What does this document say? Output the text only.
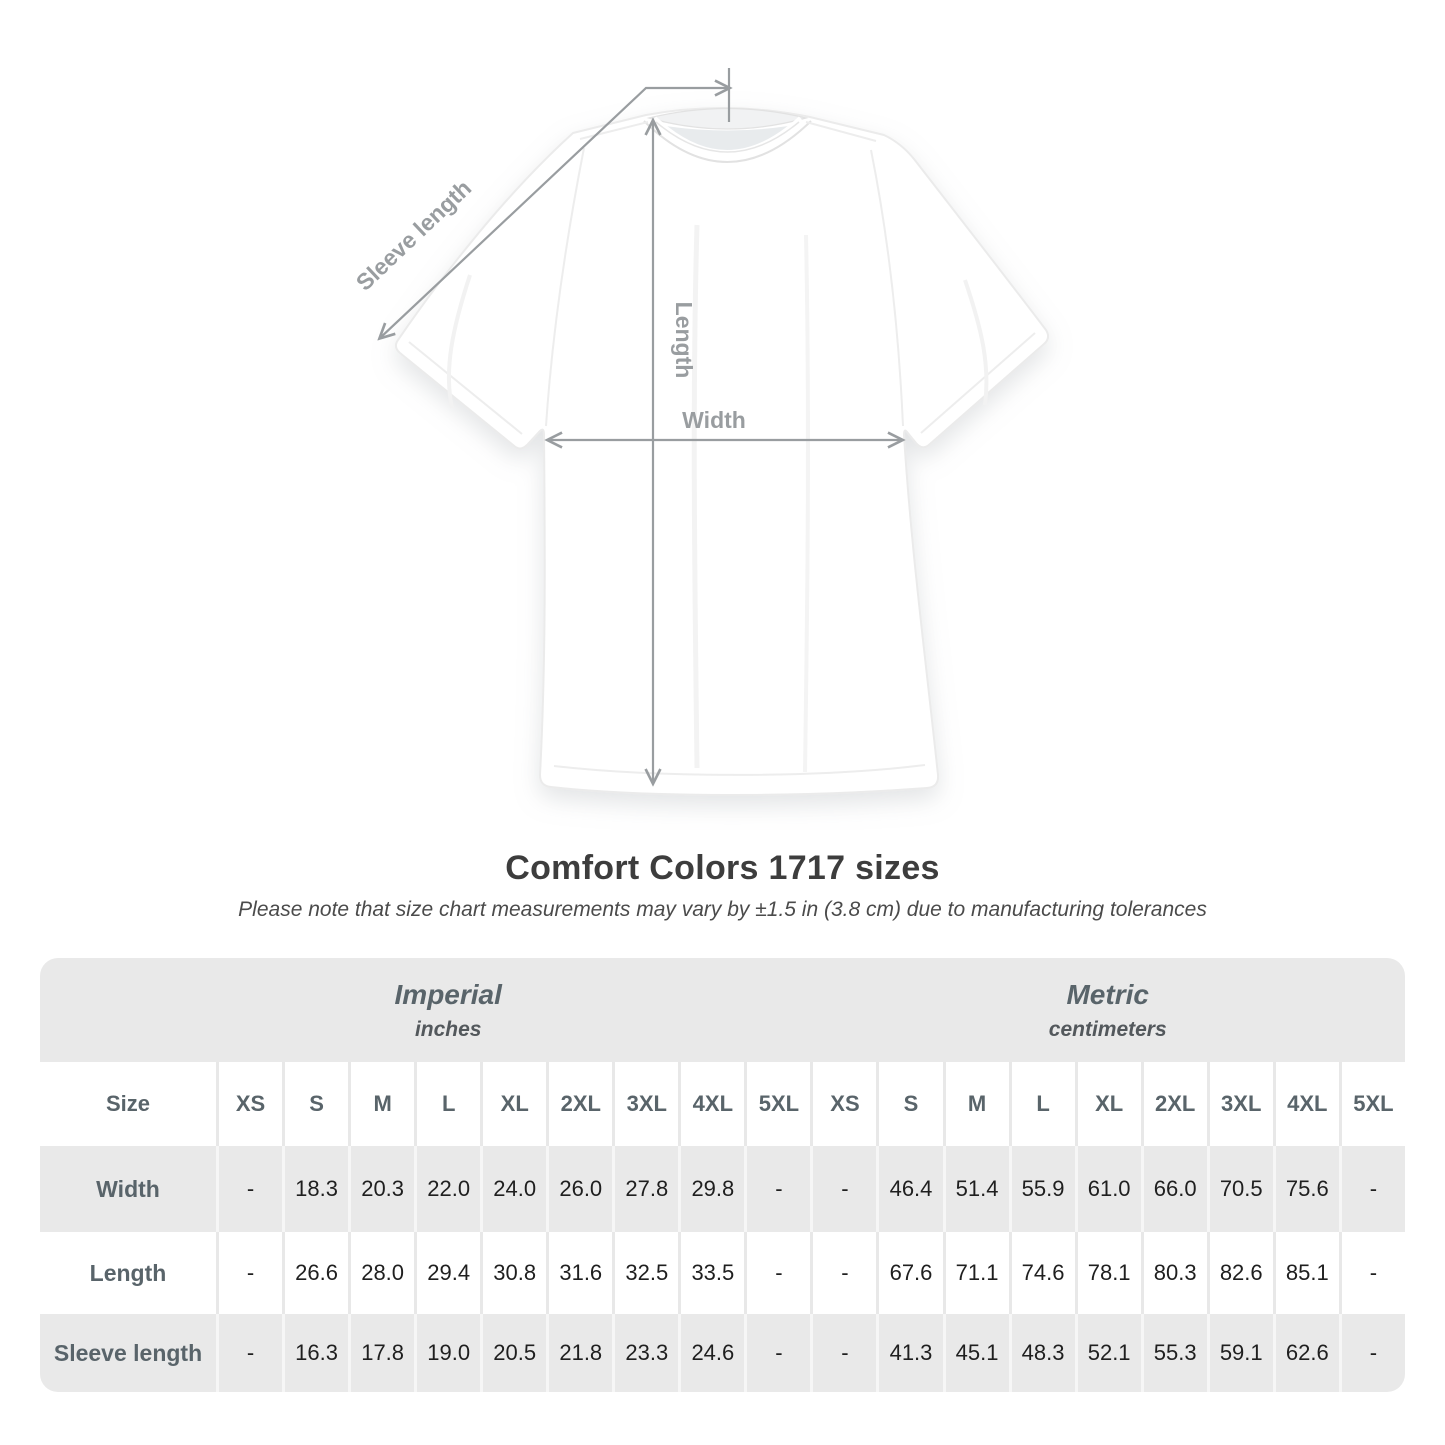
Sleeve length
Length
Width
Comfort Colors 1717 sizes
Please note that size chart measurements may vary by ±1.5 in (3.8 cm) due to manufacturing tolerances
Imperial
inches

Metric
centimeters

Size	XS	S	M	L	XL	2XL	3XL	4XL	5XL	XS	S	M	L	XL	2XL	3XL	4XL	5XL
Width	-	18.3	20.3	22.0	24.0	26.0	27.8	29.8	-	-	46.4	51.4	55.9	61.0	66.0	70.5	75.6	-
Length	-	26.6	28.0	29.4	30.8	31.6	32.5	33.5	-	-	67.6	71.1	74.6	78.1	80.3	82.6	85.1	-
Sleeve length	-	16.3	17.8	19.0	20.5	21.8	23.3	24.6	-	-	41.3	45.1	48.3	52.1	55.3	59.1	62.6	-
